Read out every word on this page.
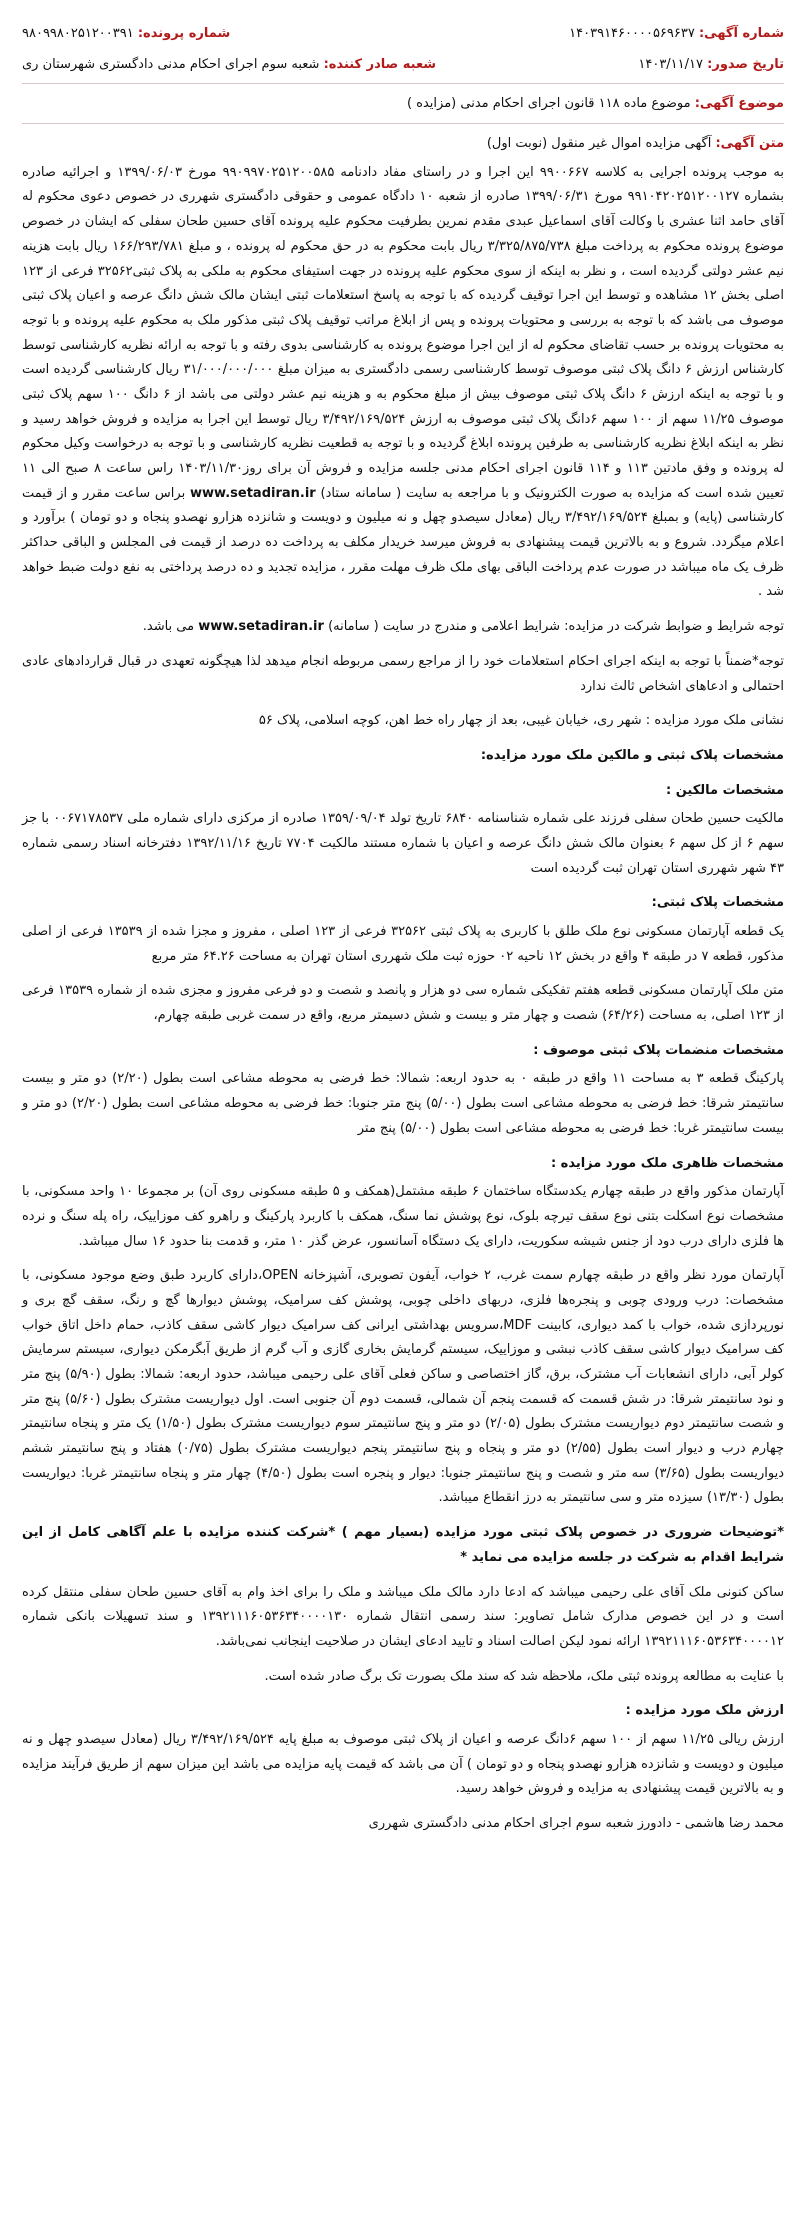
شماره آگهی: ۱۴۰۳۹۱۴۶۰۰۰۰۵۶۹۶۳۷
شماره پرونده: ۹۸۰۹۹۸۰۲۵۱۲۰۰۳۹۱
تاریخ صدور: ۱۴۰۳/۱۱/۱۷
شعبه صادر کننده: شعبه سوم اجرای احکام مدنی دادگستری شهرستان ری
موضوع آگهی: موضوع ماده ۱۱۸ قانون اجرای احکام مدنی (مزایده )
متن آگهی: آگهی مزایده اموال غیر منقول (نوبت اول)

به موجب پرونده اجرایی به کلاسه ۹۹۰۰۶۶۷ این اجرا و در راستای مفاد دادنامه ۹۹۰۹۹۷۰۲۵۱۲۰۰۵۸۵ مورخ ۱۳۹۹/۰۶/۰۳ و اجرائیه صادره بشماره ۹۹۱۰۴۲۰۲۵۱۲۰۰۱۲۷ مورخ ۱۳۹۹/۰۶/۳۱ صادره از شعبه ۱۰ دادگاه عمومی و حقوقی دادگستری شهرری در خصوص دعوی محکوم له آقای حامد اثنا عشری با وکالت آقای اسماعیل عبدی مقدم نمرین بطرفیت محکوم علیه پرونده آقای حسین طحان سفلی که ایشان در خصوص موضوع پرونده محکوم به پرداخت مبلغ ۳/۳۲۵/۸۷۵/۷۳۸ ریال بابت محکوم به در حق محکوم له پرونده ، و مبلغ ۱۶۶/۲۹۳/۷۸۱ ریال بابت هزینه نیم عشر دولتی گردیده است ، و نظر به اینکه از سوی محکوم علیه پرونده در جهت استیفای محکوم به ملکی به پلاک ثبتی۳۲۵۶۲ فرعی از ۱۲۳ اصلی بخش ۱۲ مشاهده و توسط این اجرا توقیف گردیده که با توجه به پاسخ استعلامات ثبتی ایشان مالک شش دانگ عرصه و اعیان پلاک ثبتی موصوف می باشد که با توجه به بررسی و محتویات پرونده و پس از ابلاغ مراتب توقیف پلاک ثبتی مذکور ملک به محکوم علیه پرونده و با توجه به محتویات پرونده بر حسب تقاضای محکوم له از این اجرا موضوع پرونده به کارشناسی بدوی رفته و با توجه به ارائه نظریه کارشناسی توسط کارشناس ارزش ۶ دانگ پلاک ثبتی موصوف توسط کارشناسی رسمی دادگستری به میزان مبلغ ۳۱/۰۰۰/۰۰۰/۰۰۰ ریال کارشناسی گردیده است و با توجه به اینکه ارزش ۶ دانگ پلاک ثبتی موصوف بیش از مبلغ محکوم به و هزینه نیم عشر دولتی می باشد از ۶ دانگ ۱۰۰ سهم پلاک ثبتی موصوف ۱۱/۲۵ سهم از ۱۰۰ سهم ۶دانگ پلاک ثبتی موصوف به ارزش ۳/۴۹۲/۱۶۹/۵۲۴ ریال توسط این اجرا به مزایده و فروش خواهد رسید و نظر به اینکه ابلاغ نظریه کارشناسی به طرفین پرونده ابلاغ گردیده و با توجه به قطعیت نظریه کارشناسی و با توجه به درخواست وکیل محکوم له پرونده و وفق مادتین ۱۱۳ و ۱۱۴ قانون اجرای احکام مدنی جلسه مزایده و فروش آن برای روز۱۴۰۳/۱۱/۳۰ راس ساعت ۸ صبح الی ۱۱ تعیین شده است که مزایده به صورت الکترونیک و با مراجعه به سایت ( سامانه ستاد) www.setadiran.ir براس ساعت مقرر و از قیمت کارشناسی (پایه) و بمبلغ ۳/۴۹۲/۱۶۹/۵۲۴ ریال (معادل سیصدو چهل و نه میلیون و دویست و شانزده هزارو نهصدو پنجاه و دو تومان ) برآورد و اعلام میگردد. شروع و به بالاترین قیمت پیشنهادی به فروش میرسد خریدار مکلف به پرداخت ده درصد از قیمت فی المجلس و الباقی حداکثر ظرف یک ماه میباشد در صورت عدم پرداخت الباقی بهای ملک ظرف مهلت مقرر ، مزایده تجدید و ده درصد پرداختی به نفع دولت ضبط خواهد شد .

توجه شرایط و ضوابط شرکت در مزایده: شرایط اعلامی و مندرج در سایت ( سامانه) www.setadiran.ir می باشد.

توجه*ضمناً با توجه به اینکه اجرای احکام استعلامات خود را از مراجع رسمی مربوطه انجام میدهد لذا هیچگونه تعهدی در قبال قراردادهای عادی احتمالی و ادعاهای اشخاص ثالث ندارد

نشانی ملک مورد مزایده : شهر ری، خیابان غیبی، بعد از چهار راه خط اهن، کوچه اسلامی، پلاک ۵۶

مشخصات پلاک ثبتی و مالکین ملک مورد مزایده:
مشخصات مالکین :

مالکیت حسین طحان سفلی فرزند علی شماره شناسنامه ۶۸۴۰ تاریخ تولد ۱۳۵۹/۰۹/۰۴ صادره از مرکزی دارای شماره ملی ۰۰۶۷۱۷۸۵۳۷ با جز سهم ۶ از کل سهم ۶ بعنوان مالک شش دانگ عرصه و اعیان با شماره مستند مالکیت ۷۷۰۴ تاریخ ۱۳۹۲/۱۱/۱۶ دفترخانه اسناد رسمی شماره ۴۳ شهر شهرری استان تهران ثبت گردیده است

مشخصات پلاک ثبتی:

یک قطعه آپارتمان مسکونی نوع ملک طلق با کاربری به پلاک ثبتی ۳۲۵۶۲ فرعی از ۱۲۳ اصلی ، مفروز و مجزا شده از ۱۳۵۳۹ فرعی از اصلی مذکور، قطعه ۷ در طبقه ۴ واقع در بخش ۱۲ ناحیه ۰۲ حوزه ثبت ملک شهرری استان تهران به مساحت ۶۴.۲۶ متر مربع

متن ملک آپارتمان مسکونی قطعه هفتم تفکیکی شماره سی دو هزار و پانصد و شصت و دو فرعی مفروز و مجزی شده از شماره ۱۳۵۳۹ فرعی از ۱۲۳ اصلی، به مساحت (۶۴/۲۶) شصت و چهار متر و بیست و شش دسیمتر مربع، واقع در سمت غربی طبقه چهارم،

مشخصات منضمات پلاک ثبتی موصوف :

پارکینگ قطعه ۳ به مساحت ۱۱ واقع در طبقه ۰ به حدود اربعه: شمالا: خط فرضی به محوطه مشاعی است بطول (۲/۲۰) دو متر و بیست سانتیمتر شرقا: خط فرضی به محوطه مشاعی است بطول (۵/۰۰) پنج متر جنوبا: خط فرضی به محوطه مشاعی است بطول (۲/۲۰) دو متر و بیست سانتیمتر غربا: خط فرضی به محوطه مشاعی است بطول (۵/۰۰) پنج متر

مشخصات ظاهری ملک مورد مزایده :

آپارتمان مذکور واقع در طبقه چهارم یکدستگاه ساختمان ۶ طبقه مشتمل(همکف و ۵ طبقه مسکونی روی آن) بر مجموعا ۱۰ واحد مسکونی، با مشخصات نوع اسکلت بتنی نوع سقف تیرچه بلوک، نوع پوشش نما سنگ، همکف با کاربرد پارکینگ و راهرو کف موزاییک، راه پله سنگ و نرده ها فلزی دارای درب دود از جنس شیشه سکوریت، دارای یک دستگاه آسانسور، عرض گذر ۱۰ متر، و قدمت بنا حدود ۱۶ سال میباشد.

آپارتمان مورد نظر واقع در طبقه چهارم سمت غرب، ۲ خواب، آیفون تصویری، آشپزخانه OPEN،دارای کاربرد طبق وضع موجود مسکونی، با مشخصات: درب ورودی چوبی و پنجره‌ها فلزی، دربهای داخلی چوبی، پوشش کف سرامیک، پوشش دیوارها گچ و رنگ، سقف گچ بری و نورپردازی شده، خواب با کمد دیواری، کابینت MDF،سرویس بهداشتی ایرانی کف سرامیک دیوار کاشی سقف کاذب، حمام داخل اتاق خواب کف سرامیک دیوار کاشی سقف کاذب نبشی و موزاییک، سیستم گرمایش بخاری گازی و آب گرم از طریق آبگرمکن دیواری، سیستم سرمایش کولر آبی، دارای انشعابات آب مشترک، برق، گاز اختصاصی و ساکن فعلی آقای علی رحیمی میباشد، حدود اربعه: شمالا: بطول (۵/۹۰) پنج متر و نود سانتیمتر شرقا: در شش قسمت که قسمت پنجم آن شمالی، قسمت دوم آن جنوبی است. اول دیواریست مشترک بطول (۵/۶۰) پنج متر و شصت سانتیمتر دوم دیواریست مشترک بطول (۲/۰۵) دو متر و پنج سانتیمتر سوم دیواریست مشترک بطول (۱/۵۰) یک متر و پنجاه سانتیمتر چهارم درب و دیوار است بطول (۲/۵۵) دو متر و پنجاه و پنج سانتیمتر پنجم دیواریست مشترک بطول (۰/۷۵) هفتاد و پنج سانتیمتر ششم دیواریست بطول (۳/۶۵) سه متر و شصت و پنج سانتیمتر جنوبا: دیوار و پنجره است بطول (۴/۵۰) چهار متر و پنجاه سانتیمتر غربا: دیواریست بطول (۱۳/۳۰) سیزده متر و سی سانتیمتر به درز انقطاع میباشد.

*توضیحات ضروری در خصوص پلاک ثبتی مورد مزایده (بسیار مهم ) *شرکت کننده مزایده با علم آگاهی کامل از این شرایط اقدام به شرکت در جلسه مزایده می نماید *

ساکن کنونی ملک آقای علی رحیمی میباشد که ادعا دارد مالک ملک میباشد و ملک را برای اخذ وام به آقای حسین طحان سفلی منتقل کرده است و در این خصوص مدارک شامل تصاویر: سند رسمی انتقال شماره ۱۳۹۲۱۱۱۶۰۵۳۶۳۴۰۰۰۰۱۳۰ و سند تسهیلات بانکی شماره ۱۳۹۲۱۱۱۶۰۵۳۶۳۴۰۰۰۰۱۲ ارائه نمود لیکن اصالت اسناد و تایید ادعای ایشان در صلاحیت اینجانب نمی‌باشد.

با عنایت به مطالعه پرونده ثبتی ملک، ملاحظه شد که سند ملک بصورت تک برگ صادر شده است.

ارزش ملک مورد مزایده :

ارزش ریالی ۱۱/۲۵ سهم از ۱۰۰ سهم ۶دانگ عرصه و اعیان از پلاک ثبتی موصوف به مبلغ پایه ۳/۴۹۲/۱۶۹/۵۲۴ ریال (معادل سیصدو چهل و نه میلیون و دویست و شانزده هزارو نهصدو پنجاه و دو تومان ) آن می باشد که قیمت پایه مزایده می باشد این میزان سهم از طریق فرآیند مزایده و به بالاترین قیمت پیشنهادی به مزایده و فروش خواهد رسید.

محمد رضا هاشمی - دادورز شعبه سوم اجرای احکام مدنی دادگستری شهرری
